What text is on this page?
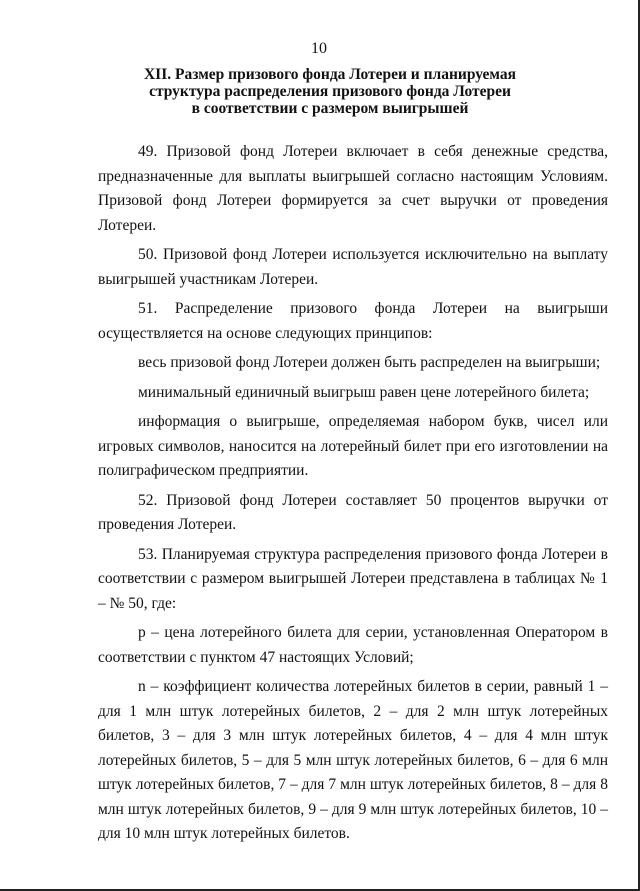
10
XII. Размер призового фонда Лотереи и планируемая
структура распределения призового фонда Лотереи
в соответствии с размером выигрышей

49. Призовой фонд Лотереи включает в себя денежные средства, предназначенные для выплаты выигрышей согласно настоящим Условиям. Призовой фонд Лотереи формируется за счет выручки от проведения Лотереи.

50. Призовой фонд Лотереи используется исключительно на выплату выигрышей участникам Лотереи.

51. Распределение призового фонда Лотереи на выигрыши осуществляется на основе следующих принципов:

весь призовой фонд Лотереи должен быть распределен на выигрыши;

минимальный единичный выигрыш равен цене лотерейного билета;

информация о выигрыше, определяемая набором букв, чисел или игровых символов, наносится на лотерейный билет при его изготовлении на полиграфическом предприятии.

52. Призовой фонд Лотереи составляет 50 процентов выручки от проведения Лотереи.

53. Планируемая структура распределения призового фонда Лотереи в соответствии с размером выигрышей Лотереи представлена в таблицах № 1 – № 50, где:

p – цена лотерейного билета для серии, установленная Оператором в соответствии с пунктом 47 настоящих Условий;

n – коэффициент количества лотерейных билетов в серии, равный 1 – для 1 млн штук лотерейных билетов, 2 – для 2 млн штук лотерейных билетов, 3 – для 3 млн штук лотерейных билетов, 4 – для 4 млн штук лотерейных билетов, 5 – для 5 млн штук лотерейных билетов, 6 – для 6 млн штук лотерейных билетов, 7 – для 7 млн штук лотерейных билетов, 8 – для 8 млн штук лотерейных билетов, 9 – для 9 млн штук лотерейных билетов, 10 – для 10 млн штук лотерейных билетов.
